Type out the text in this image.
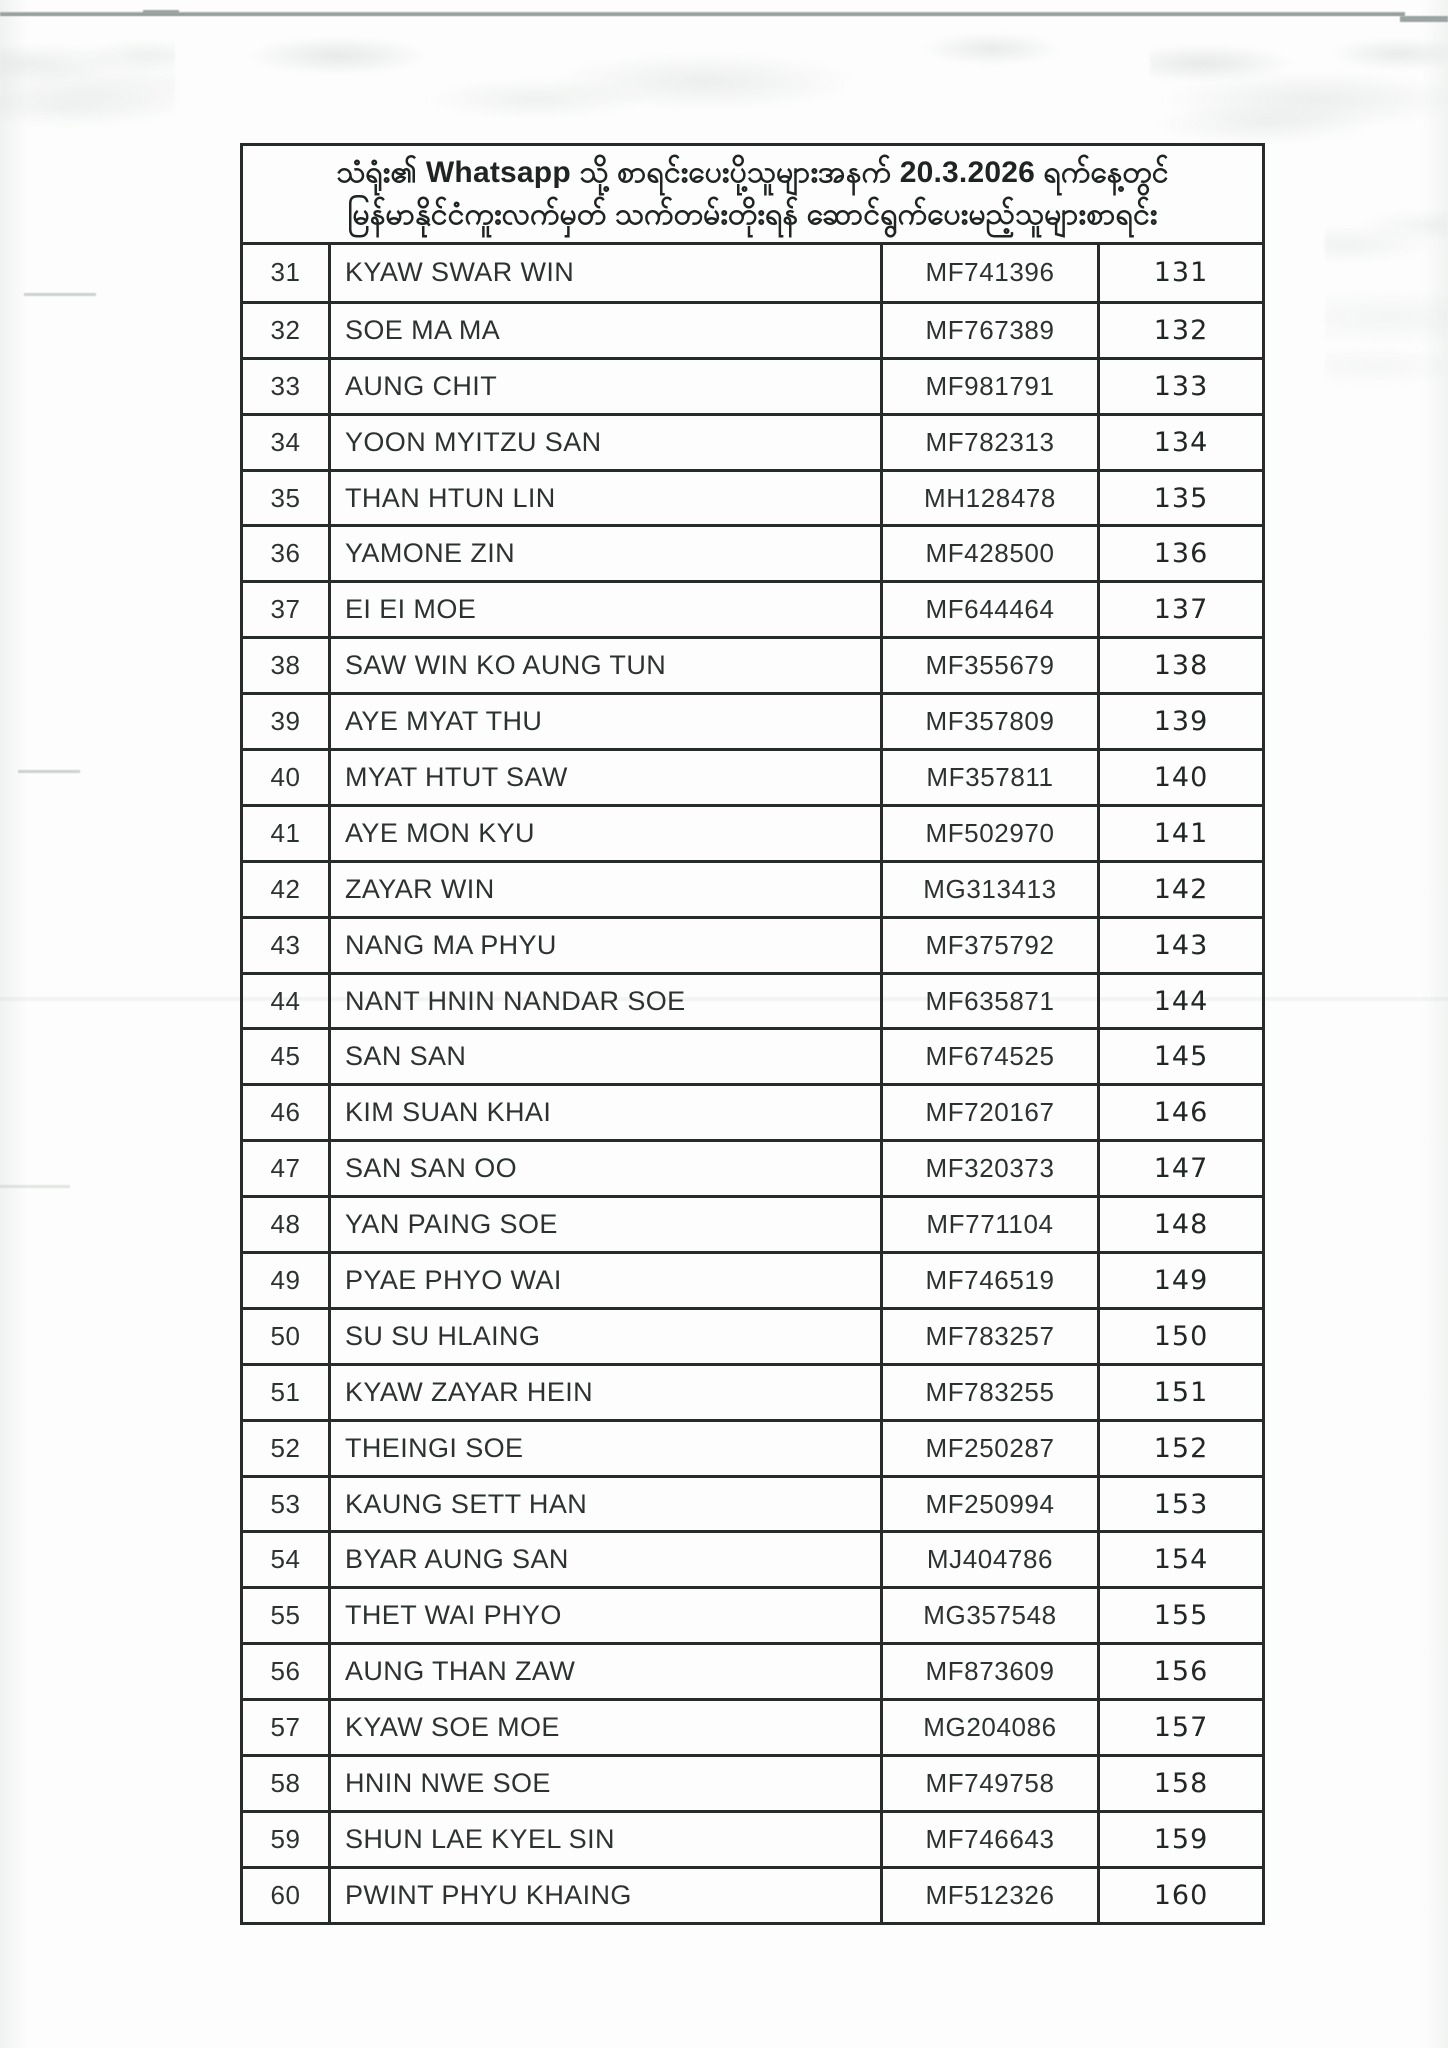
သံရုံး၏ Whatsapp သို့ စာရင်းပေးပို့သူများအနက် 20.3.2026 ရက်နေ့တွင်
မြန်မာနိုင်ငံကူးလက်မှတ် သက်တမ်းတိုးရန် ဆောင်ရွက်ပေးမည့်သူများစာရင်း
31	KYAW SWAR WIN	MF741396	131
32	SOE MA MA	MF767389	132
33	AUNG CHIT	MF981791	133
34	YOON MYITZU SAN	MF782313	134
35	THAN HTUN LIN	MH128478	135
36	YAMONE ZIN	MF428500	136
37	EI EI MOE	MF644464	137
38	SAW WIN KO AUNG TUN	MF355679	138
39	AYE MYAT THU	MF357809	139
40	MYAT HTUT SAW	MF357811	140
41	AYE MON KYU	MF502970	141
42	ZAYAR WIN	MG313413	142
43	NANG MA PHYU	MF375792	143
44	NANT HNIN NANDAR SOE	MF635871	144
45	SAN SAN	MF674525	145
46	KIM SUAN KHAI	MF720167	146
47	SAN SAN OO	MF320373	147
48	YAN PAING SOE	MF771104	148
49	PYAE PHYO WAI	MF746519	149
50	SU SU HLAING	MF783257	150
51	KYAW ZAYAR HEIN	MF783255	151
52	THEINGI SOE	MF250287	152
53	KAUNG SETT HAN	MF250994	153
54	BYAR AUNG SAN	MJ404786	154
55	THET WAI PHYO	MG357548	155
56	AUNG THAN ZAW	MF873609	156
57	KYAW SOE MOE	MG204086	157
58	HNIN NWE SOE	MF749758	158
59	SHUN LAE KYEL SIN	MF746643	159
60	PWINT PHYU KHAING	MF512326	160
